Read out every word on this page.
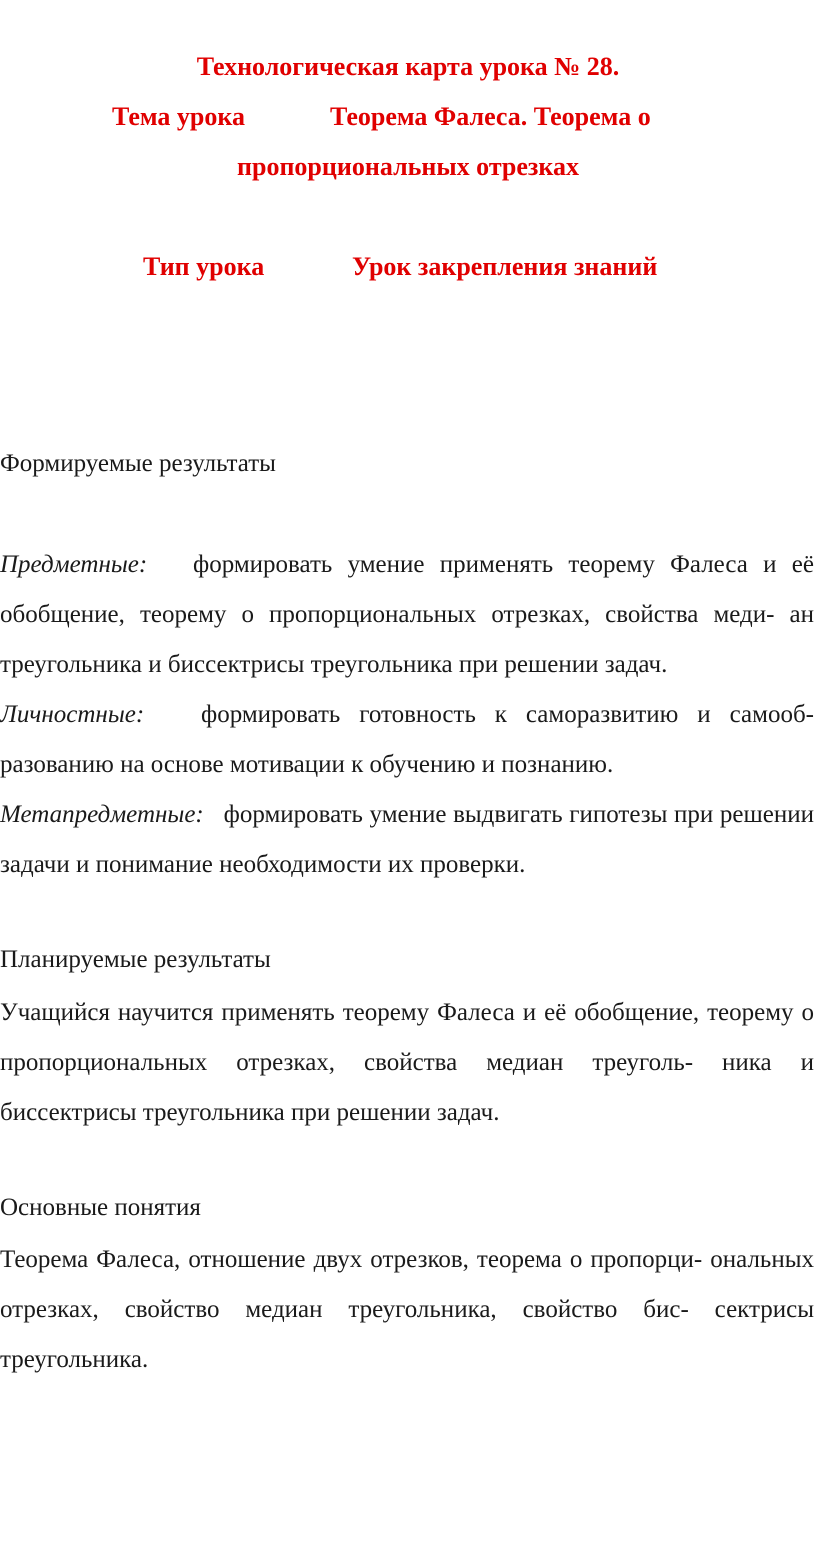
Технологическая карта урока № 28.
Тема урока	Теорема Фалеса. Теорема о
пропорциональных отрезках
Тип урока	Урок закрепления знаний

Формируемые результаты

Предметные: формировать умение применять теорему Фалеса и её обобщение, теорему о пропорциональных отрезках, свойства меди- ан треугольника и биссектрисы треугольника при решении задач.

Личностные: формировать готовность к саморазвитию и самооб- разованию на основе мотивации к обучению и познанию.

Метапредметные: формировать умение выдвигать гипотезы при решении задачи и понимание необходимости их проверки.

Планируемые результаты

Учащийся научится применять теорему Фалеса и её обобщение, теорему о пропорциональных отрезках, свойства медиан треуголь- ника и биссектрисы треугольника при решении задач.

Основные понятия

Теорема Фалеса, отношение двух отрезков, теорема о пропорци- ональных отрезках, свойство медиан треугольника, свойство бис- сектрисы треугольника.
